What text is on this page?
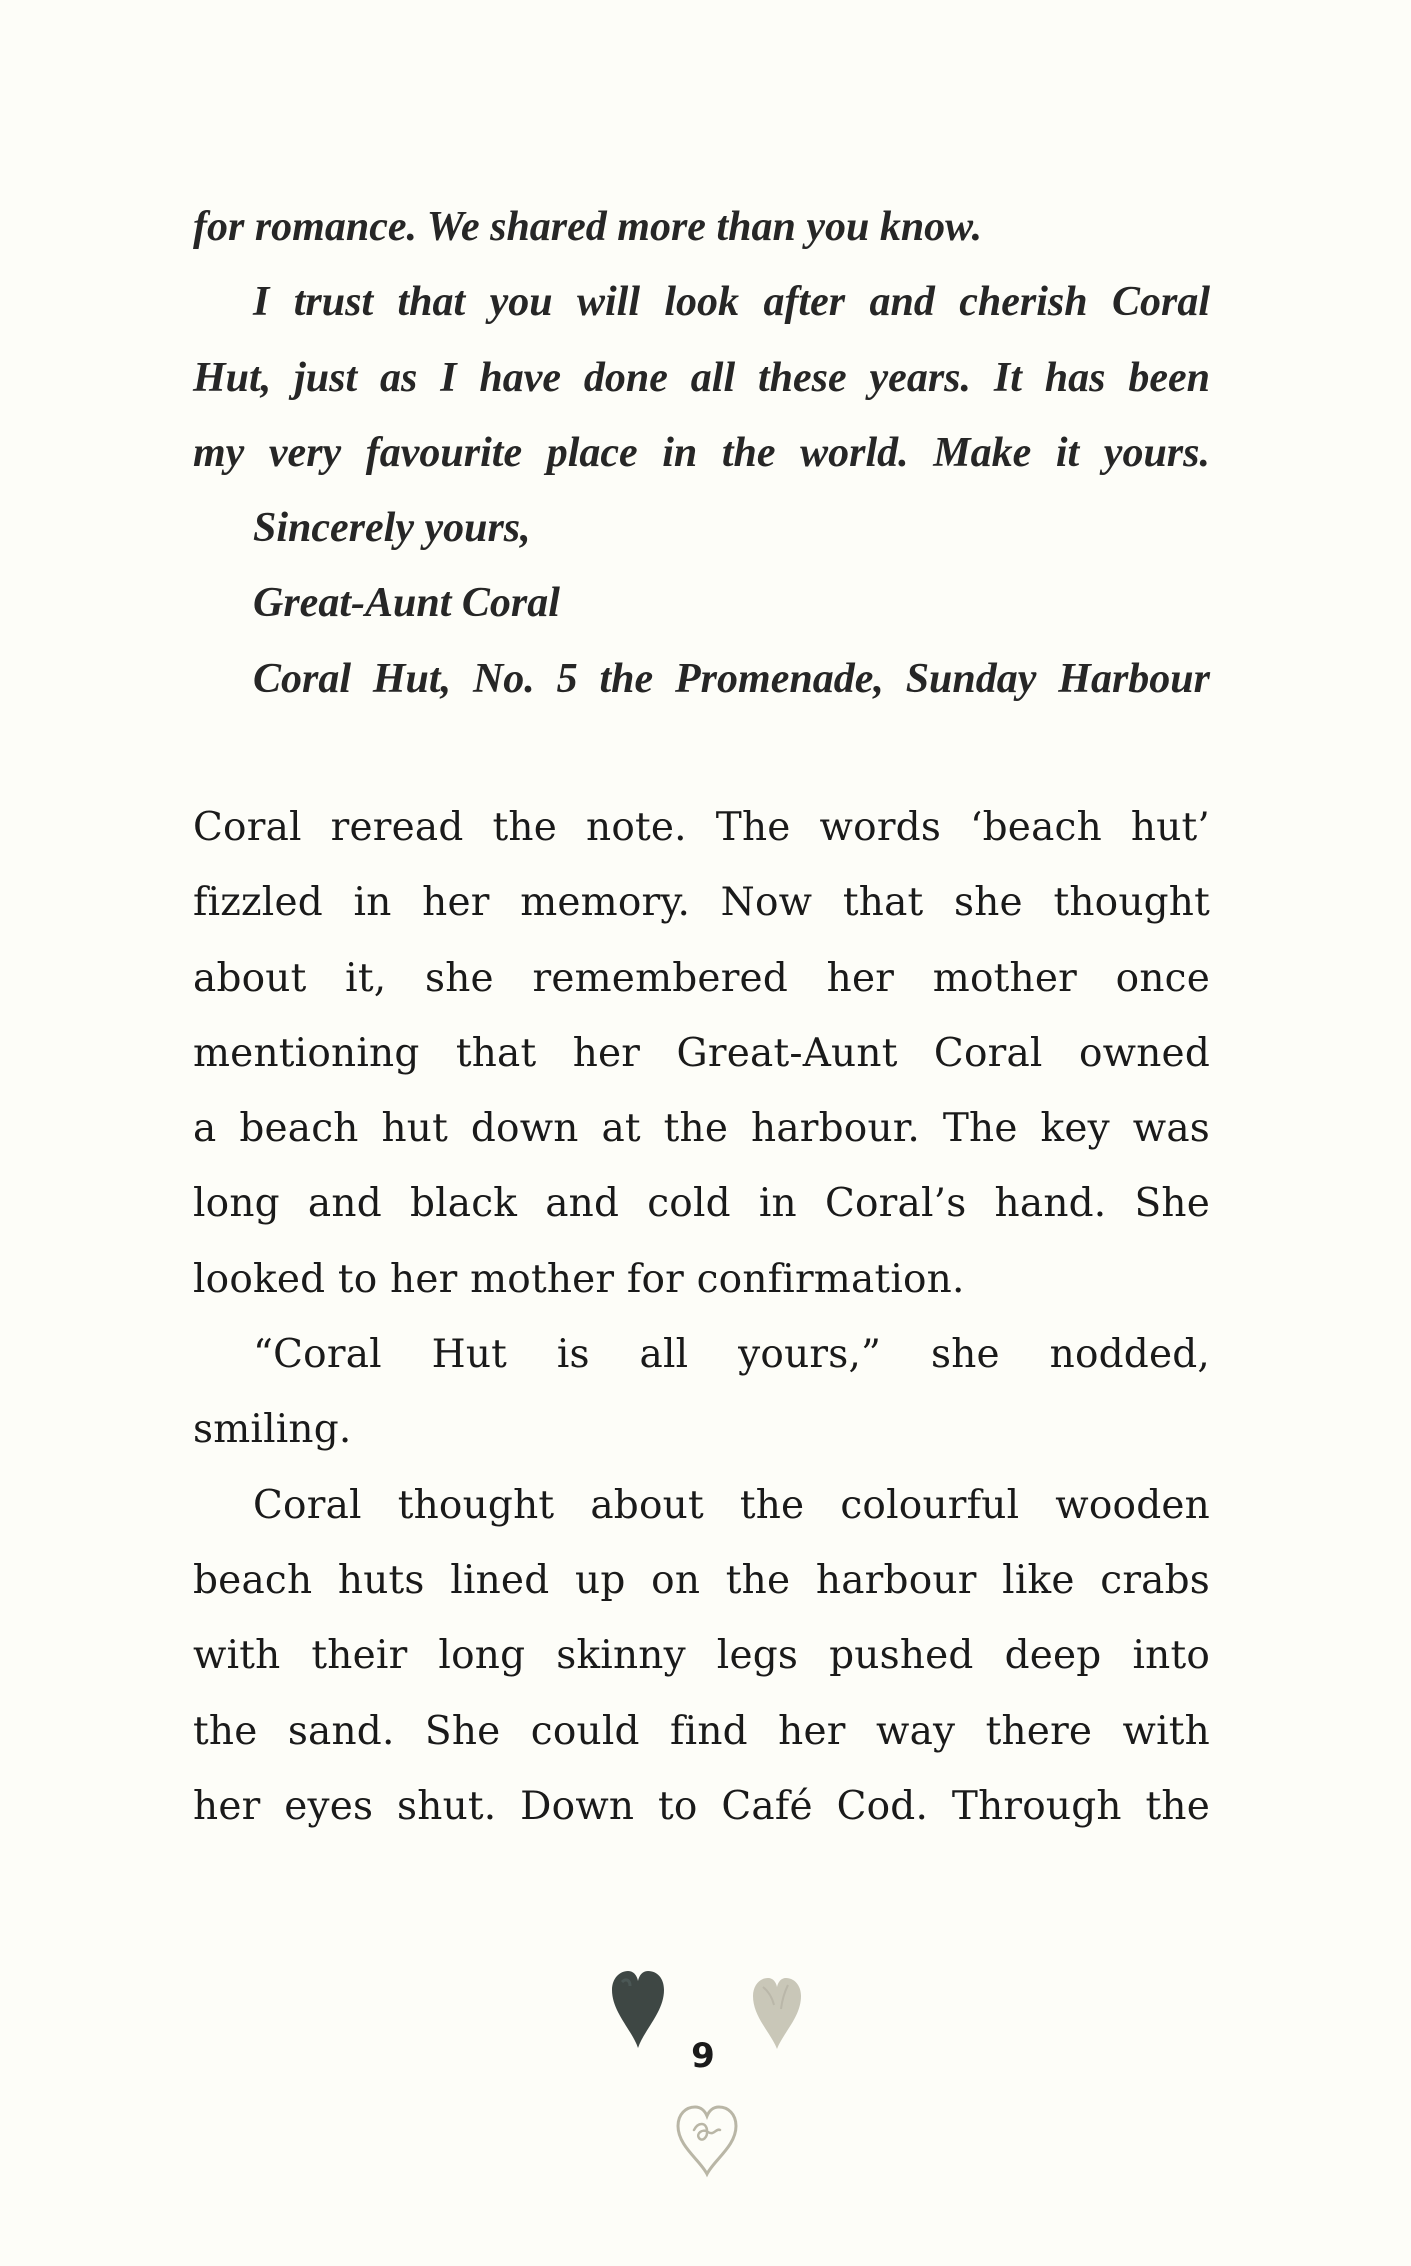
for romance. We shared more than you know.
I trust that you will look after and cherish Coral
Hut, just as I have done all these years. It has been
my very favourite place in the world. Make it yours.
Sincerely yours,
Great-Aunt Coral
Coral Hut, No. 5 the Promenade, Sunday Harbour
Coral reread the note. The words ‘beach hut’
fizzled in her memory. Now that she thought
about it, she remembered her mother once
mentioning that her Great-Aunt Coral owned
a beach hut down at the harbour. The key was
long and black and cold in Coral’s hand. She
looked to her mother for confirmation.
“Coral Hut is all yours,” she nodded,
smiling.
Coral thought about the colourful wooden
beach huts lined up on the harbour like crabs
with their long skinny legs pushed deep into
the sand. She could find her way there with
her eyes shut. Down to Café Cod. Through the
9
